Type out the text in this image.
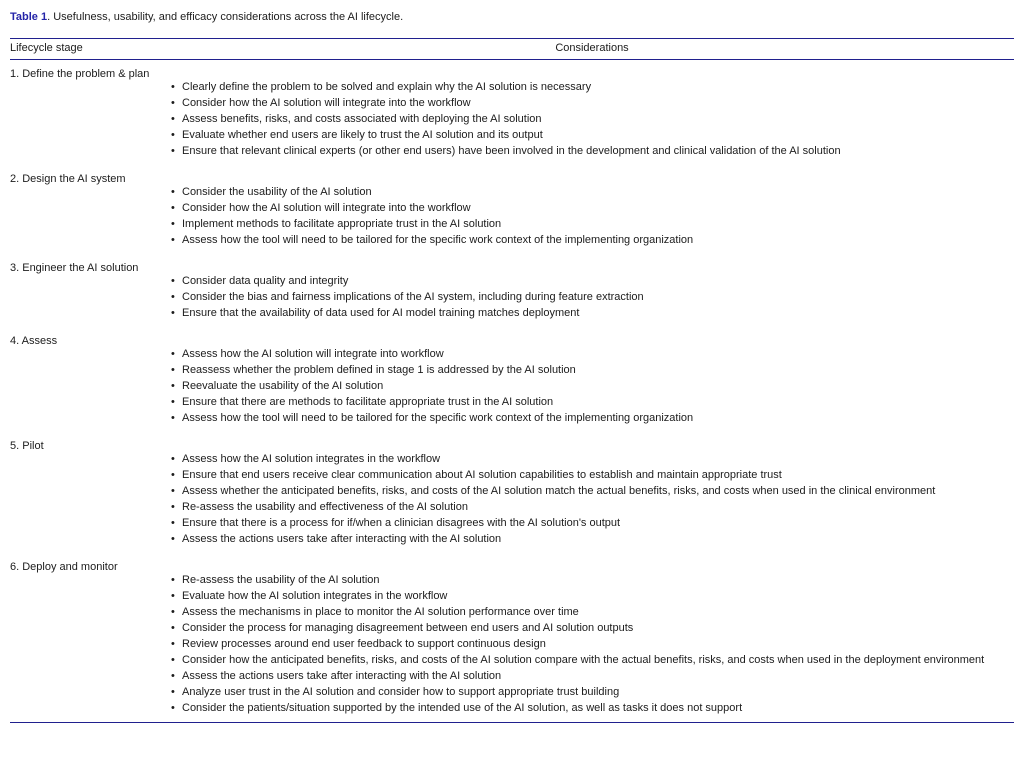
Table 1. Usefulness, usability, and efficacy considerations across the AI lifecycle.
Lifecycle stage	Considerations
1. Define the problem & plan
• Clearly define the problem to be solved and explain why the AI solution is necessary
• Consider how the AI solution will integrate into the workflow
• Assess benefits, risks, and costs associated with deploying the AI solution
• Evaluate whether end users are likely to trust the AI solution and its output
• Ensure that relevant clinical experts (or other end users) have been involved in the development and clinical validation of the AI solution
2. Design the AI system
• Consider the usability of the AI solution
• Consider how the AI solution will integrate into the workflow
• Implement methods to facilitate appropriate trust in the AI solution
• Assess how the tool will need to be tailored for the specific work context of the implementing organization
3. Engineer the AI solution
• Consider data quality and integrity
• Consider the bias and fairness implications of the AI system, including during feature extraction
• Ensure that the availability of data used for AI model training matches deployment
4. Assess
• Assess how the AI solution will integrate into workflow
• Reassess whether the problem defined in stage 1 is addressed by the AI solution
• Reevaluate the usability of the AI solution
• Ensure that there are methods to facilitate appropriate trust in the AI solution
• Assess how the tool will need to be tailored for the specific work context of the implementing organization
5. Pilot
• Assess how the AI solution integrates in the workflow
• Ensure that end users receive clear communication about AI solution capabilities to establish and maintain appropriate trust
• Assess whether the anticipated benefits, risks, and costs of the AI solution match the actual benefits, risks, and costs when used in the clinical environment
• Re-assess the usability and effectiveness of the AI solution
• Ensure that there is a process for if/when a clinician disagrees with the AI solution's output
• Assess the actions users take after interacting with the AI solution
6. Deploy and monitor
• Re-assess the usability of the AI solution
• Evaluate how the AI solution integrates in the workflow
• Assess the mechanisms in place to monitor the AI solution performance over time
• Consider the process for managing disagreement between end users and AI solution outputs
• Review processes around end user feedback to support continuous design
• Consider how the anticipated benefits, risks, and costs of the AI solution compare with the actual benefits, risks, and costs when used in the deployment environment
• Assess the actions users take after interacting with the AI solution
• Analyze user trust in the AI solution and consider how to support appropriate trust building
• Consider the patients/situation supported by the intended use of the AI solution, as well as tasks it does not support
